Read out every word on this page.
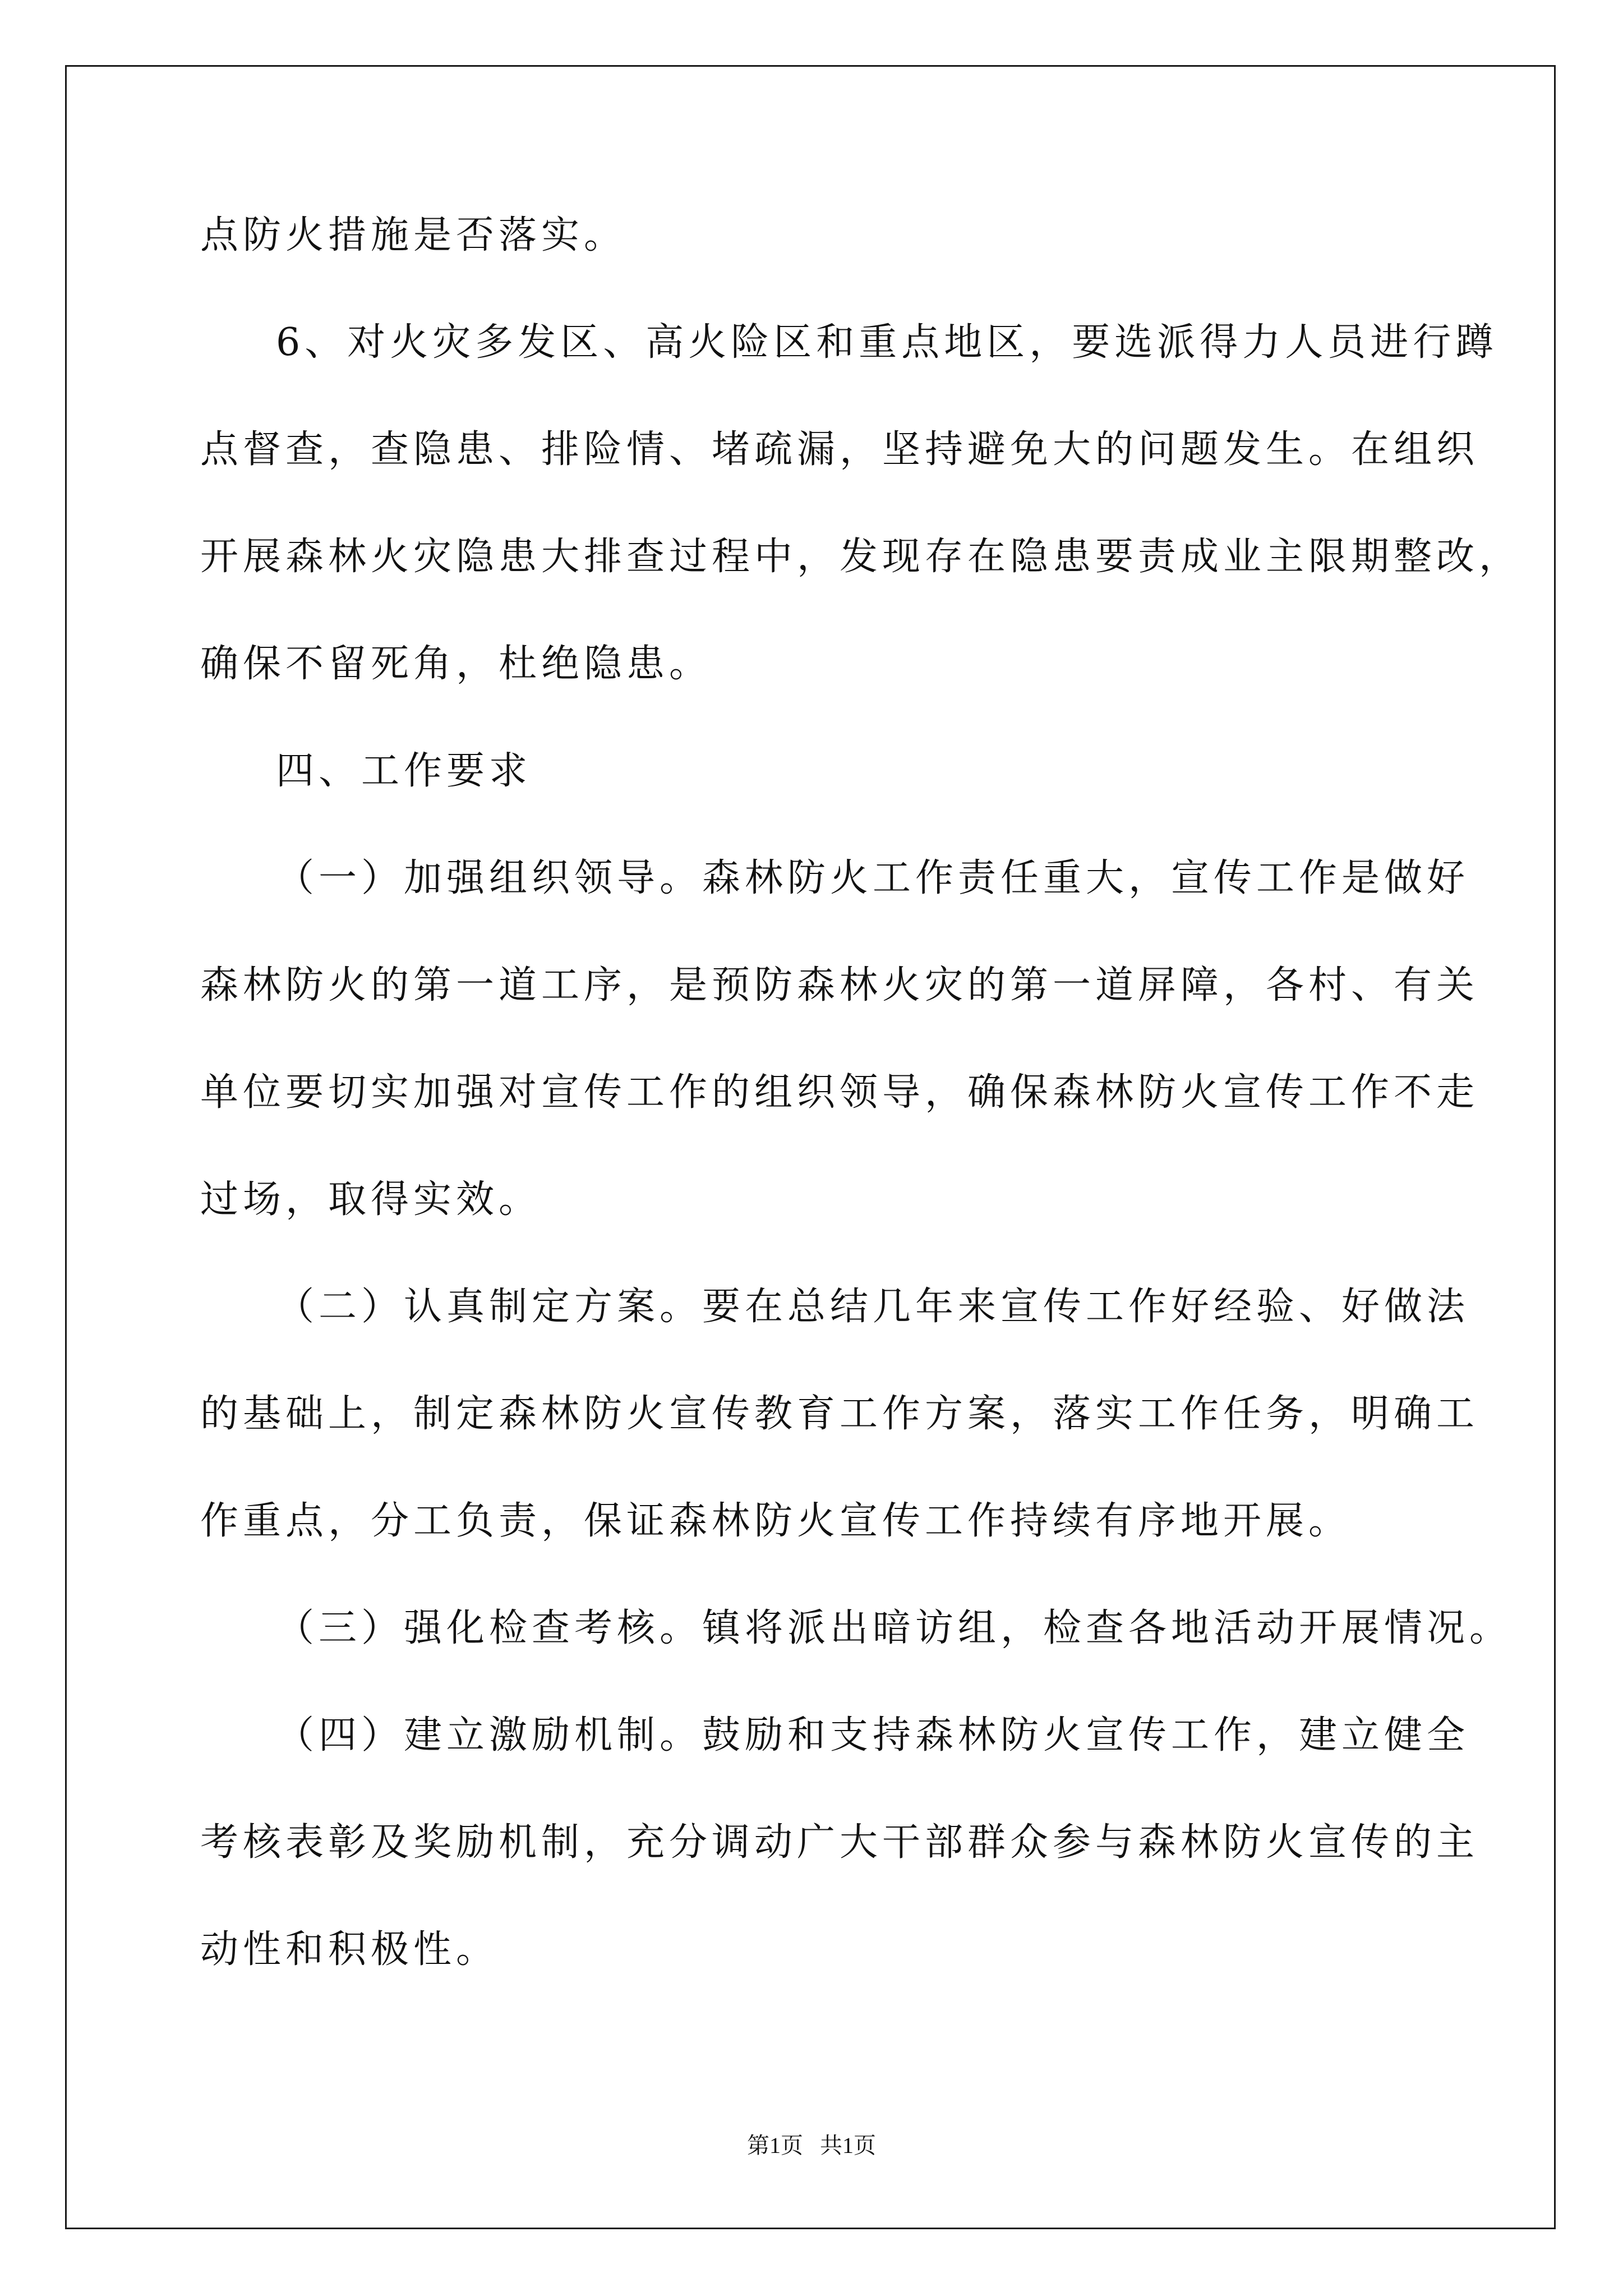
点防火措施是否落实。
6、对火灾多发区、高火险区和重点地区，要选派得力人员进行蹲
点督查，查隐患、排险情、堵疏漏，坚持避免大的问题发生。在组织
开展森林火灾隐患大排查过程中，发现存在隐患要责成业主限期整改，
确保不留死角，杜绝隐患。
四、工作要求
（一）加强组织领导。森林防火工作责任重大，宣传工作是做好
森林防火的第一道工序，是预防森林火灾的第一道屏障，各村、有关
单位要切实加强对宣传工作的组织领导，确保森林防火宣传工作不走
过场，取得实效。
（二）认真制定方案。要在总结几年来宣传工作好经验、好做法
的基础上，制定森林防火宣传教育工作方案，落实工作任务，明确工
作重点，分工负责，保证森林防火宣传工作持续有序地开展。
（三）强化检查考核。镇将派出暗访组，检查各地活动开展情况。
（四）建立激励机制。鼓励和支持森林防火宣传工作，建立健全
考核表彰及奖励机制，充分调动广大干部群众参与森林防火宣传的主
动性和积极性。
第1页   共1页
